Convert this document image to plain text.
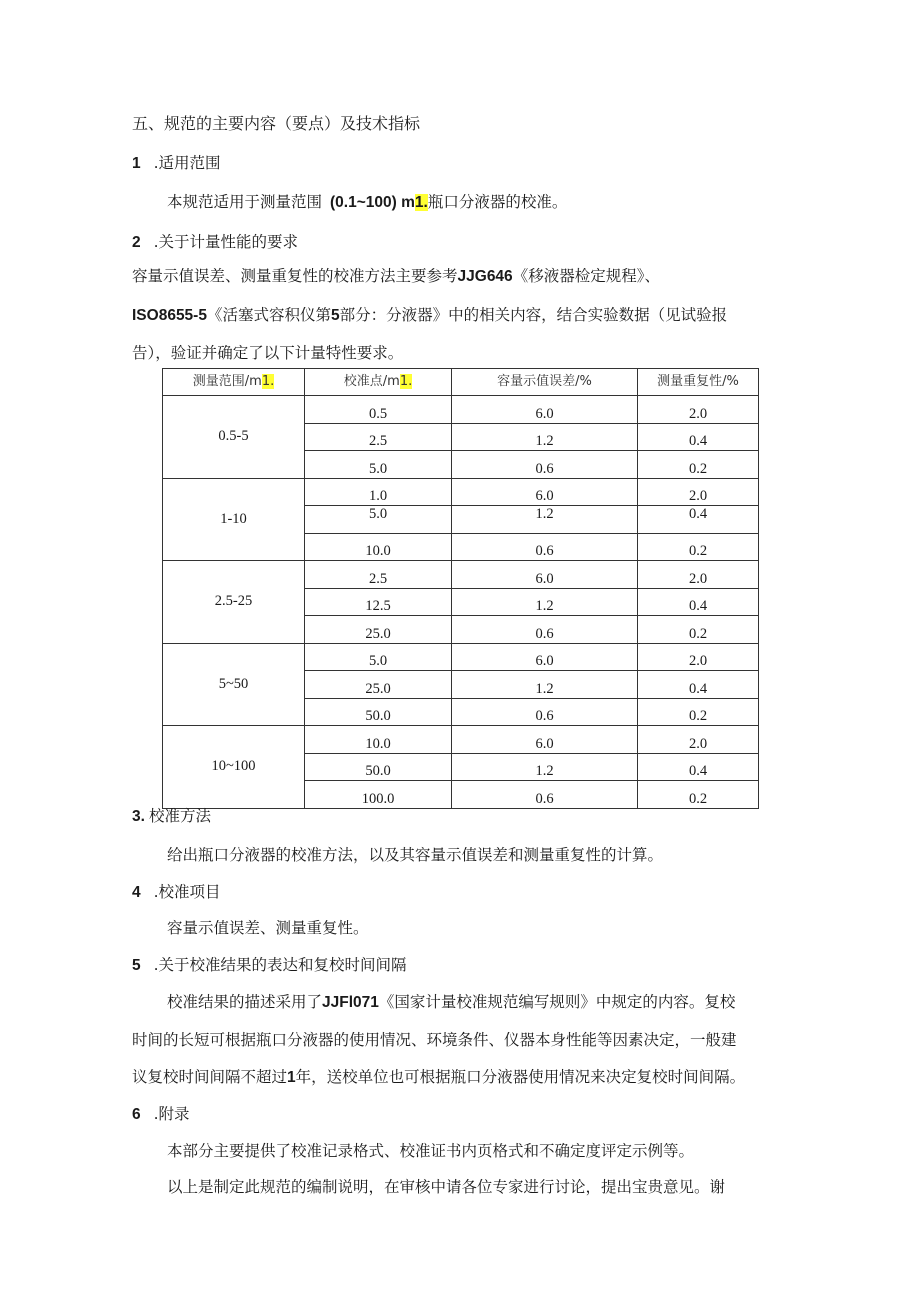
五、规范的主要内容（要点）及技术指标
1 .适用范围
本规范适用于测量范围 (0.1~100) m1.瓶口分液器的校准。
2 .关于计量性能的要求
容量示值误差、测量重复性的校准方法主要参考JJG646《移液器检定规程》、
ISO8655-5《活塞式容积仪第5部分：分液器》中的相关内容，结合实验数据（见试验报
告），验证并确定了以下计量特性要求。
测量范围/m1.	校准点/m1.	容量示值误差/%	测量重复性/%
0.5-5	0.5	6.0	2.0
	2.5	1.2	0.4
	5.0	0.6	0.2
1-10	1.0	6.0	2.0
	5.0	1.2	0.4
	10.0	0.6	0.2
2.5-25	2.5	6.0	2.0
	12.5	1.2	0.4
	25.0	0.6	0.2
5~50	5.0	6.0	2.0
	25.0	1.2	0.4
	50.0	0.6	0.2
10~100	10.0	6.0	2.0
	50.0	1.2	0.4
	100.0	0.6	0.2
3. 校准方法
给出瓶口分液器的校准方法，以及其容量示值误差和测量重复性的计算。
4 .校准项目
容量示值误差、测量重复性。
5 .关于校准结果的表达和复校时间间隔
校准结果的描述采用了JJFl071《国家计量校准规范编写规则》中规定的内容。复校
时间的长短可根据瓶口分液器的使用情况、环境条件、仪器本身性能等因素决定，一般建
议复校时间间隔不超过1年，送校单位也可根据瓶口分液器使用情况来决定复校时间间隔。
6 .附录
本部分主要提供了校准记录格式、校准证书内页格式和不确定度评定示例等。
以上是制定此规范的编制说明，在审核中请各位专家进行讨论，提出宝贵意见。谢
